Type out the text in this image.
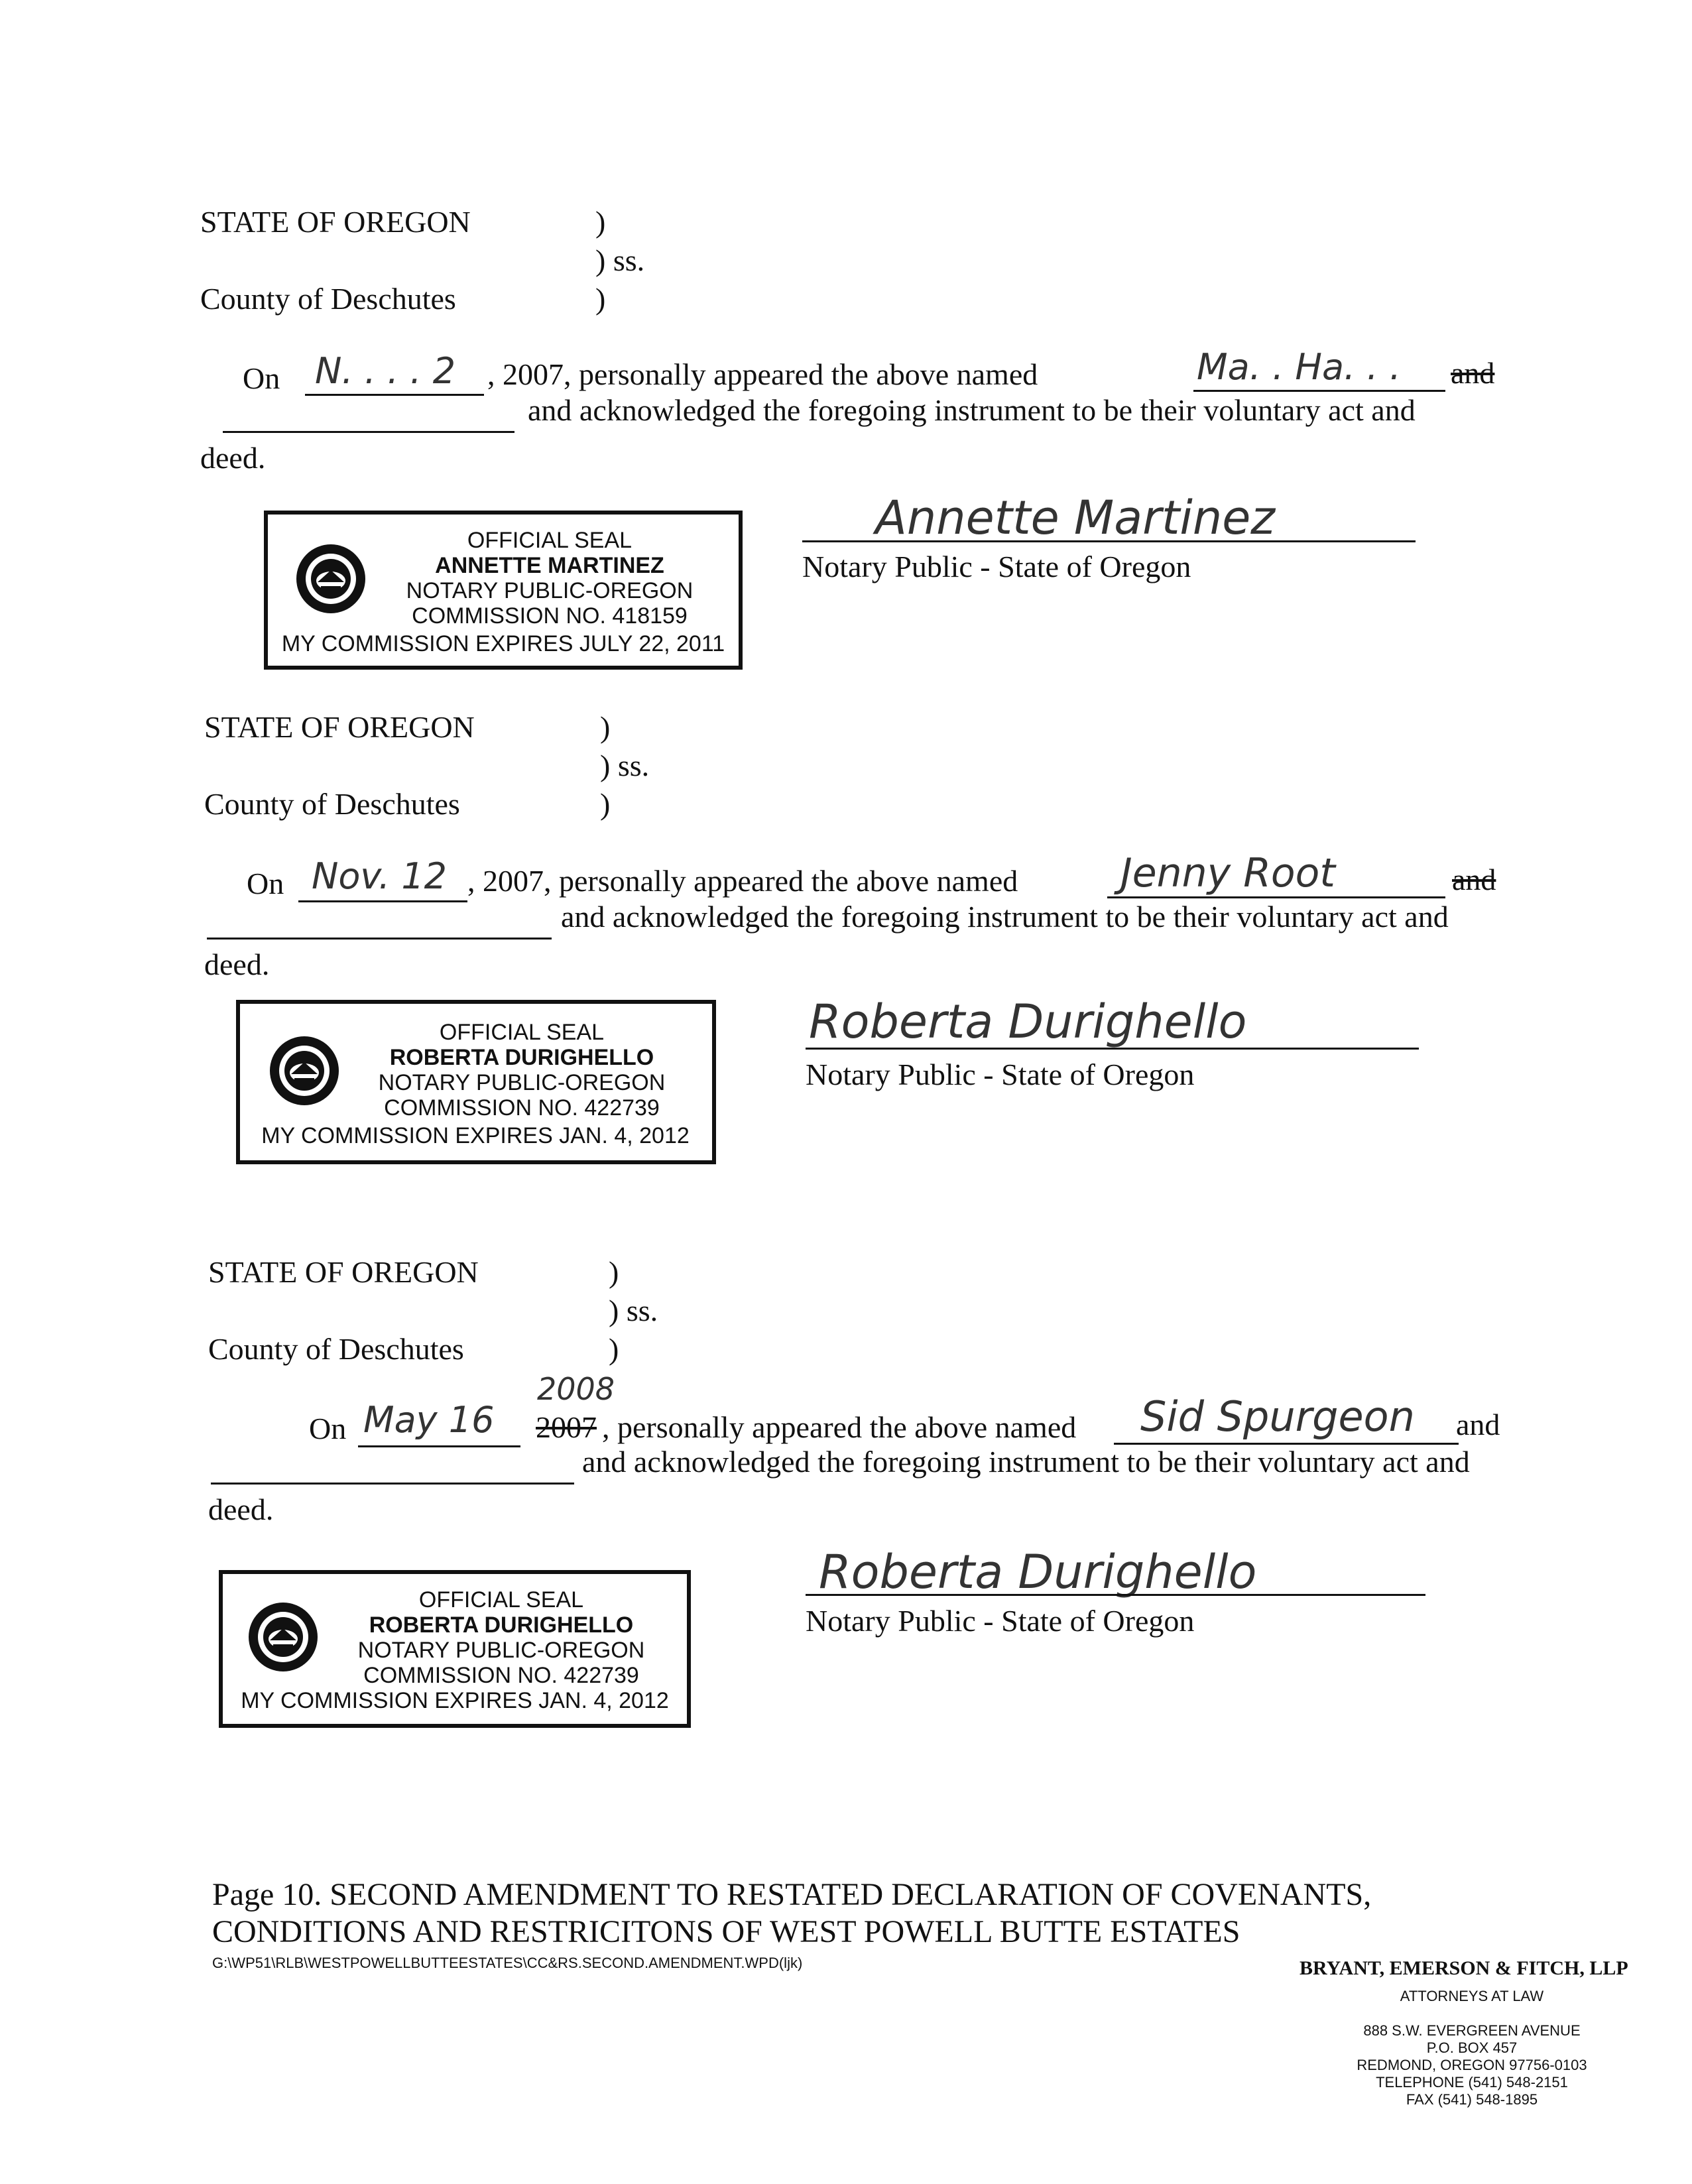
STATE OF OREGON	)
) ss.
County of Deschutes	)
On N. . . . 2 , 2007, personally appeared the above named	Ma. . Ha. . . and
and acknowledged the foregoing instrument to be their voluntary act and
deed.
OFFICIAL SEAL
ANNETTE MARTINEZ
NOTARY PUBLIC-OREGON
COMMISSION NO. 418159
MY COMMISSION EXPIRES JULY 22, 2011
Annette Martinez
Notary Public - State of Oregon
STATE OF OREGON	)
) ss.
County of Deschutes	)
On Nov. 12 , 2007, personally appeared the above named	Jenny Root	and
and acknowledged the foregoing instrument to be their voluntary act and
deed.
OFFICIAL SEAL
ROBERTA DURIGHELLO
NOTARY PUBLIC-OREGON
COMMISSION NO. 422739
MY COMMISSION EXPIRES JAN. 4, 2012
Roberta Durighello
Notary Public - State of Oregon
STATE OF OREGON	)
) ss.
County of Deschutes	)
On May 16
2008
2007 , personally appeared the above named Sid Spurgeon and
and acknowledged the foregoing instrument to be their voluntary act and
deed.
OFFICIAL SEAL
ROBERTA DURIGHELLO
NOTARY PUBLIC-OREGON
COMMISSION NO. 422739
MY COMMISSION EXPIRES JAN. 4, 2012
Roberta Durighello
Notary Public - State of Oregon
Page 10. SECOND AMENDMENT TO RESTATED DECLARATION OF COVENANTS,
CONDITIONS AND RESTRICITONS OF WEST POWELL BUTTE ESTATES
G:\WP51\RLB\WESTPOWELLBUTTEESTATES\CC&RS.SECOND.AMENDMENT.WPD(ljk)	BRYANT, EMERSON & FITCH, LLP
ATTORNEYS AT LAW
888 S.W. EVERGREEN AVENUE
P.O. BOX 457
REDMOND, OREGON 97756-0103
TELEPHONE (541) 548-2151
FAX (541) 548-1895
